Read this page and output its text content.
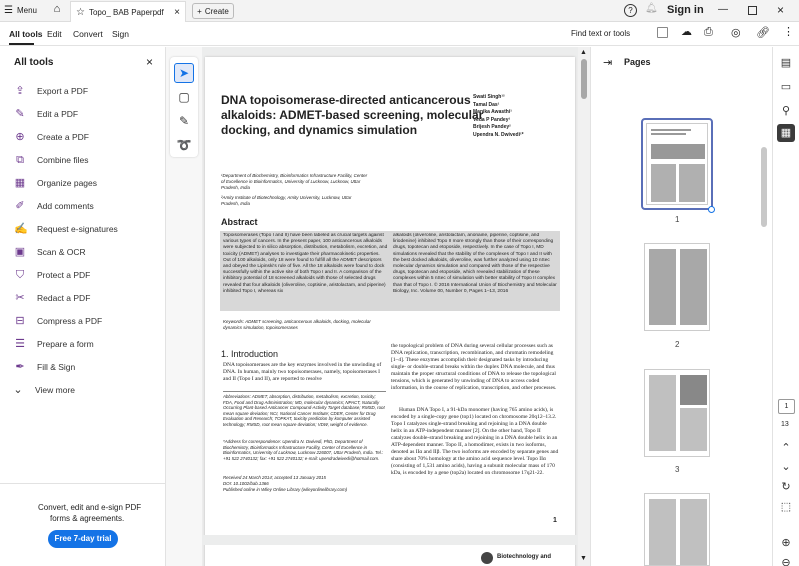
☰ Menu	⌂	☆ Topo_ BAB Paperpdf × + Create	?	🔔︎ Sign in —	×
All tools Edit Convert Sign	Find text or tools	☁ ⎙ ◎ 🔗︎ ⋮
All tools	×
⇪ Export a PDF
✎ Edit a PDF
⊕ Create a PDF
⧉ Combine files
▦ Organize pages
✐ Add comments
✍ Request e-signatures
▣ Scan & OCR
⛉ Protect a PDF
✂ Redact a PDF
⊟ Compress a PDF
☰ Prepare a form
✒ Fill & Sign
⌄ View more
Convert, edit and e-sign PDF
forms & agreements.
Free 7-day trial
➤
▢
✎
➰
DNA topoisomerase-directed anticancerous
alkaloids: ADMET-based screening, molecular
docking, and dynamics simulation
Swati Singh¹²
Tamal Das¹
Manika Awasthi¹
Veda P Pandey¹
Brijesh Pandey²
Upendra N. Dwivedi¹*
¹Department of Biochemistry, Bioinformatics Infrastructure Facility, Center of Excellence in Bioinformatics, University of Lucknow, Lucknow, Uttar Pradesh, India
²Amity Institute of Biotechnology, Amity University, Lucknow, Uttar Pradesh, India
Abstract
Topoisomerases (Topo I and II) have been labeled as crucial targets against various types of cancers. In the present paper, 100 anticancerous alkaloids were subjected to in silico absorption, distribution, metabolism, excretion, and toxicity (ADMET) analyses to investigate their pharmacokinetic properties. Out of 100 alkaloids, only 18 were found to fulfill all the ADMET descriptors and obeyed the Lipinski's rule of five. All the 18 alkaloids were found to dock successfully within the active site of both Topo I and II. A comparison of the inhibitory potential of 18 screened alkaloids with those of selected drugs revealed that four alkaloids (oliveroline, coptisine, aristolactam, and piperine) inhibited Topo I, whereas six
alkaloids (oliveroline, aristolactam, anonaine, piperine, coptisine, and liriodenine) inhibited Topo II more strongly than those of their corresponding drugs, topotecan and etoposide, respectively. In the case of Topo I, MD simulations revealed that the stability of the complexes of Topo I and II with the best docked alkaloids, oliveroline, was further analyzed using 10 nSec molecular dynamics simulation and compared with those of the respective drugs, topotecan and etoposide, which revealed stabilization of these complexes within 5 nSec of simulation with better stability of Topo II complex than that of Topo I. © 2016 International Union of Biochemistry and Molecular Biology, Inc. Volume 00, Number 0, Pages 1–13, 2016
Keywords: ADMET screening, anticancerous alkaloids, docking, molecular dynamics simulation, topoisomerases
1. Introduction
DNA topoisomerases are the key enzymes involved in the unwinding of DNA. In human, mainly two topoisomerases, namely, topoisomerases I and II (Topo I and II), are reported to resolve
Abbreviations: ADMET, absorption, distribution, metabolism, excretion, toxicity; FDA, Food and Drug Administration; MD, molecular dynamics; NPACT, Naturally Occurring Plant-based Anticancer Compound-Activity Target database; RMSD, root mean square deviation; NCI, National Cancer Institute; CDER, Center for Drug Evaluation and Research; TOPKAT, toxicity prediction by komputer assisted technology; RMSD, root mean square deviation; VDW, weight of evidence.
*Address for correspondence: Upendra N. Dwivedi, PhD, Department of Biochemistry, Bioinformatics Infrastructure Facility, Center of Excellence in Bioinformatics, University of Lucknow, Lucknow 226007, Uttar Pradesh, India. Tel.: +91 522 2740132; fax: +91 522 2740132; e-mail: upendradwivedi@hotmail.com.
Received 24 March 2014; accepted 13 January 2015
DOI: 10.1002/bab.1366
Published online in Wiley Online Library (wileyonlinelibrary.com)
the topological problem of DNA during several cellular processes such as DNA replication, transcription, recombination, and chromatin remodeling [1–4]. These enzymes accomplish their designated tasks by introducing single- or double-strand breaks within the duplex DNA molecule, and thus maintain the proper structural conditions of DNA to release the topological tensions, which is generated by unwinding of DNA to access coded information, in the course of replication, transcription, and other processes.
Human DNA Topo I, a 91-kDa monomer (having 765 amino acids), is encoded by a single-copy gene (top1) located on chromosome 20q12–13.2. Topo I catalyzes single-strand breaking and rejoining in a DNA double helix in an ATP-independent manner [2]. On the other hand, Topo II catalyzes double-strand breaking and rejoining in a DNA double helix in an ATP-dependent manner. Topo II, a homodimer, exists in two isoforms, denoted as IIα and IIβ. The two isoforms are encoded by separate genes and share about 70% homology at the amino acid sequence level. Topo IIα (consisting of 1,531 amino acids), having a subunit molecular mass of 170 kDa, is encoded by a gene (top2a) located on chromosome 17q21-22.
1
Biotechnology and
▲
▼
⇥ Pages
1
2
3
▤
▭
⚲
▦
1
13
⌃
⌄
↻
⬚
⊕
⊖
